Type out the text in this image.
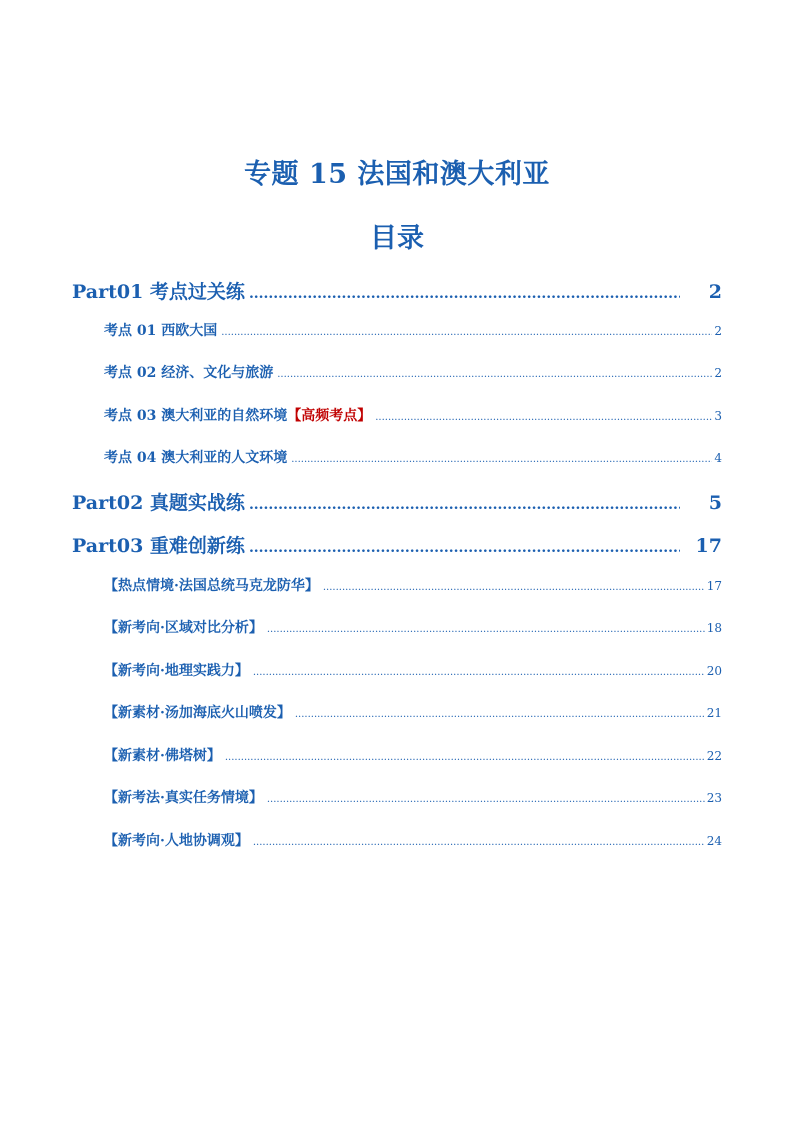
专题 15 法国和澳大利亚
目录
Part01 考点过关练 .....	2
考点 01 西欧大国 .....	2
考点 02 经济、文化与旅游 .....	2
考点 03 澳大利亚的自然环境【高频考点】 .....	3
考点 04 澳大利亚的人文环境 .....	4
Part02 真题实战练 .....	5
Part03 重难创新练 .....	17
【热点情境·法国总统马克龙防华】 .....	17
【新考向·区域对比分析】 .....	18
【新考向·地理实践力】 .....	20
【新素材·汤加海底火山喷发】 .....	21
【新素材·佛塔树】 .....	22
【新考法·真实任务情境】 .....	23
【新考向·人地协调观】 .....	24
